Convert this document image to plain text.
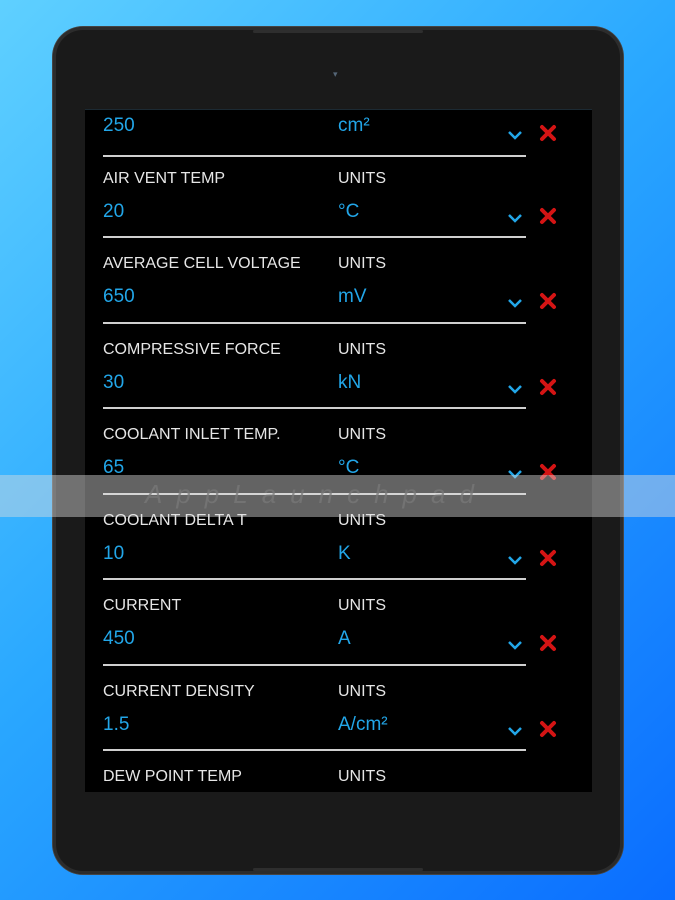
▾
250	cm²
AIR VENT TEMP	UNITS
20	°C
AVERAGE CELL VOLTAGE UNITS
650	mV
COMPRESSIVE FORCE	UNITS
30	kN
COOLANT INLET TEMP.	UNITS
65	°C
COOLANT DELTA T	UNITS
10	K
CURRENT	UNITS
450	A
CURRENT DENSITY	UNITS
1.5	A/cm²
DEW POINT TEMP	UNITS
AppLaunchpad
